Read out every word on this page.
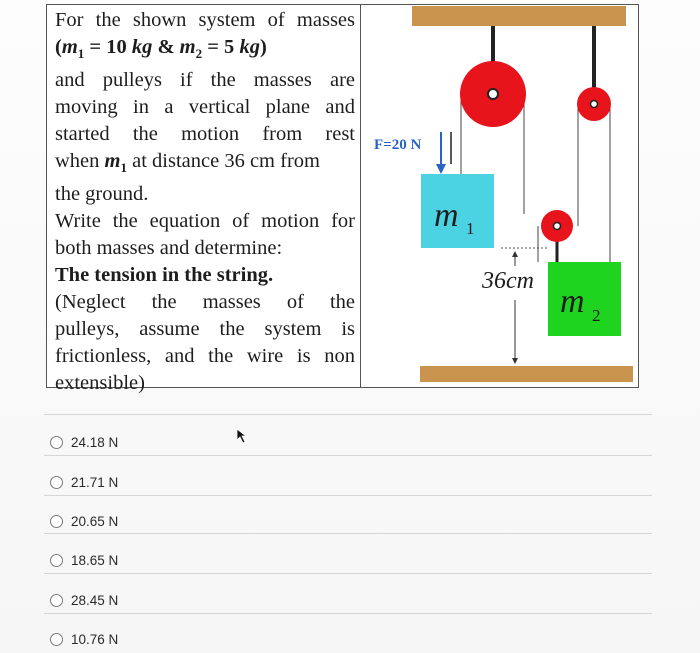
For the shown system of masses
($m_1 = 10$ kg & $m_2 = 5$ kg)
and pulleys if the masses are
moving in a vertical plane and
started the motion from rest
when $m_1$ at distance 36 cm from
the ground.
Write the equation of motion for
both masses and determine:
The tension in the string.
(Neglect the masses of the
pulleys, assume the system is
frictionless, and the wire is non
extensible)
F=20 N
m 1
m 2
36cm
24.18 N
21.71 N
20.65 N
18.65 N
28.45 N
10.76 N
